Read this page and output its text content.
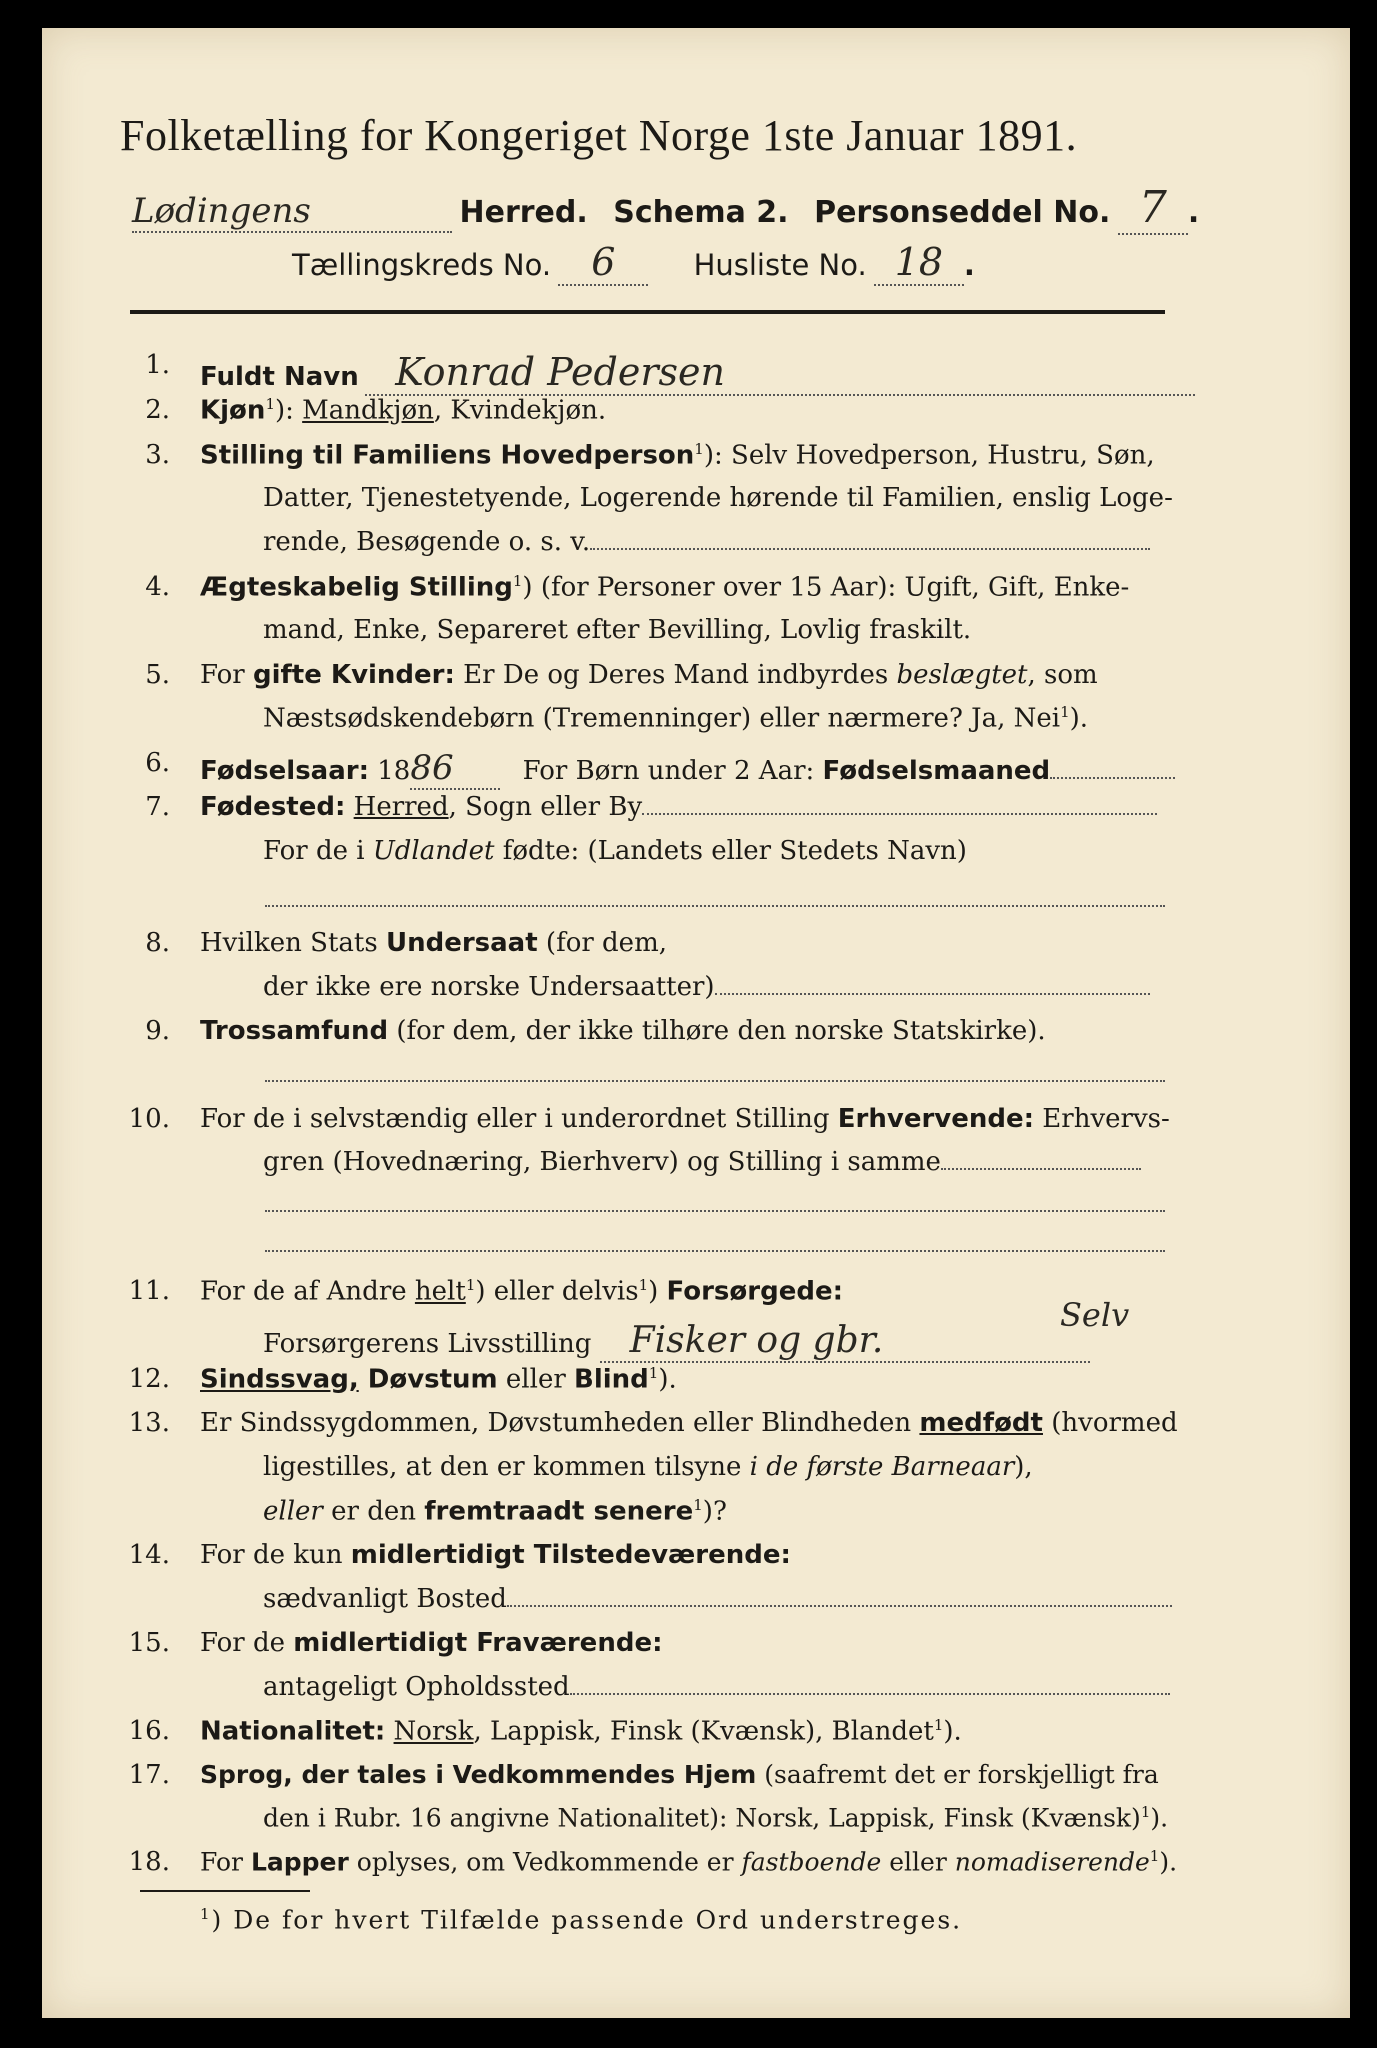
Folketælling for Kongeriget Norge 1ste Januar 1891.
Lødingens	Herred. Schema 2. Personseddel No. 7 .
Tællingskreds No. 6	Husliste No. 18 .
1. Fuldt Navn Konrad Pedersen
2. Kjøn$^1$): Mandkjøn, Kvindekjøn.
3. Stilling til Familiens Hovedperson$^1$): Selv Hovedperson, Hustru, Søn,
Datter, Tjenestetyende, Logerende hørende til Familien, enslig Loge-
rende, Besøgende o. s. v.
4. Ægteskabelig Stilling$^1$) (for Personer over 15 Aar): Ugift, Gift, Enke-
mand, Enke, Separeret efter Bevilling, Lovlig fraskilt.
5. For gifte Kvinder: Er De og Deres Mand indbyrdes beslægtet, som
Næstsødskendebørn (Tremenninger) eller nærmere? Ja, Nei$^1$).
6. Fødselsaar: 1886	For Børn under 2 Aar: Fødselsmaaned
7. Fødested: Herred, Sogn eller By
For de i Udlandet fødte: (Landets eller Stedets Navn)
8. Hvilken Stats Undersaat (for dem,
der ikke ere norske Undersaatter)
9. Trossamfund (for dem, der ikke tilhøre den norske Statskirke).
10. For de i selvstændig eller i underordnet Stilling Erhvervende: Erhvervs-
gren (Hovednæring, Bierhverv) og Stilling i samme
11. For de af Andre helt$^1$) eller delvis$^1$) Forsørgede:
Forsørgerens Livsstilling Fisker og gbr.
Selv
12. Sindssvag, Døvstum eller Blind$^1$).
13. Er Sindssygdommen, Døvstumheden eller Blindheden medfødt (hvormed
ligestilles, at den er kommen tilsyne i de første Barneaar),
eller er den fremtraadt senere$^1$)?
14. For de kun midlertidigt Tilstedeværende:
sædvanligt Bosted
15. For de midlertidigt Fraværende:
antageligt Opholdssted
16. Nationalitet: Norsk, Lappisk, Finsk (Kvænsk), Blandet$^1$).
17. Sprog, der tales i Vedkommendes Hjem (saafremt det er forskjelligt fra
den i Rubr. 16 angivne Nationalitet): Norsk, Lappisk, Finsk (Kvænsk)$^1$).
18. For Lapper oplyses, om Vedkommende er fastboende eller nomadiserende$^1$).
$^1$) De for hvert Tilfælde passende Ord understreges.
